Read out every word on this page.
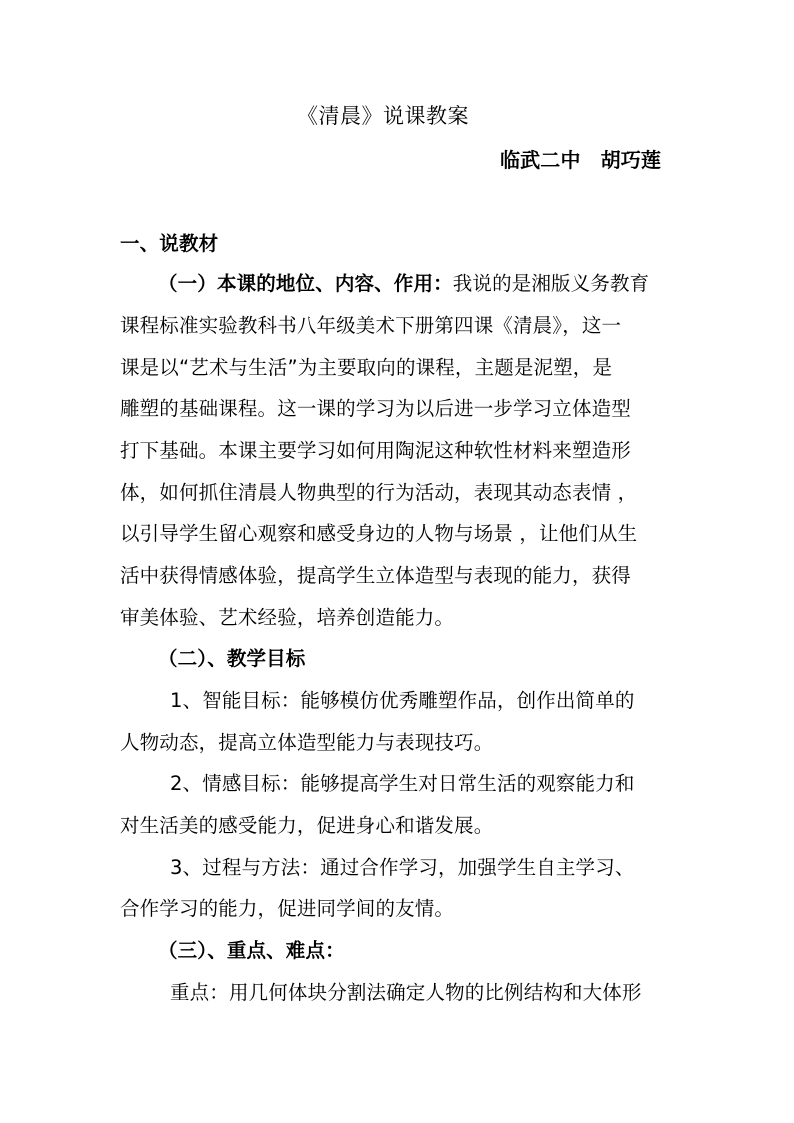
《清晨》说课教案
临武二中 胡巧莲
一、说教材
（一）本课的地位、内容、作用：我说的是湘版义务教育
课程标准实验教科书八年级美术下册第四课《清晨》，这一
课是以“艺术与生活”为主要取向的课程，主题是泥塑，是
雕塑的基础课程。这一课的学习为以后进一步学习立体造型
打下基础。本课主要学习如何用陶泥这种软性材料来塑造形
体，如何抓住清晨人物典型的行为活动，表现其动态表情 ，
以引导学生留心观察和感受身边的人物与场景 ，让他们从生
活中获得情感体验，提高学生立体造型与表现的能力，获得
审美体验、艺术经验，培养创造能力。
（二）、教学目标
1、智能目标：能够模仿优秀雕塑作品，创作出简单的
人物动态，提高立体造型能力与表现技巧。
2、情感目标：能够提高学生对日常生活的观察能力和
对生活美的感受能力，促进身心和谐发展。
3、过程与方法：通过合作学习，加强学生自主学习、
合作学习的能力，促进同学间的友情。
（三）、重点、难点：
重点：用几何体块分割法确定人物的比例结构和大体形
